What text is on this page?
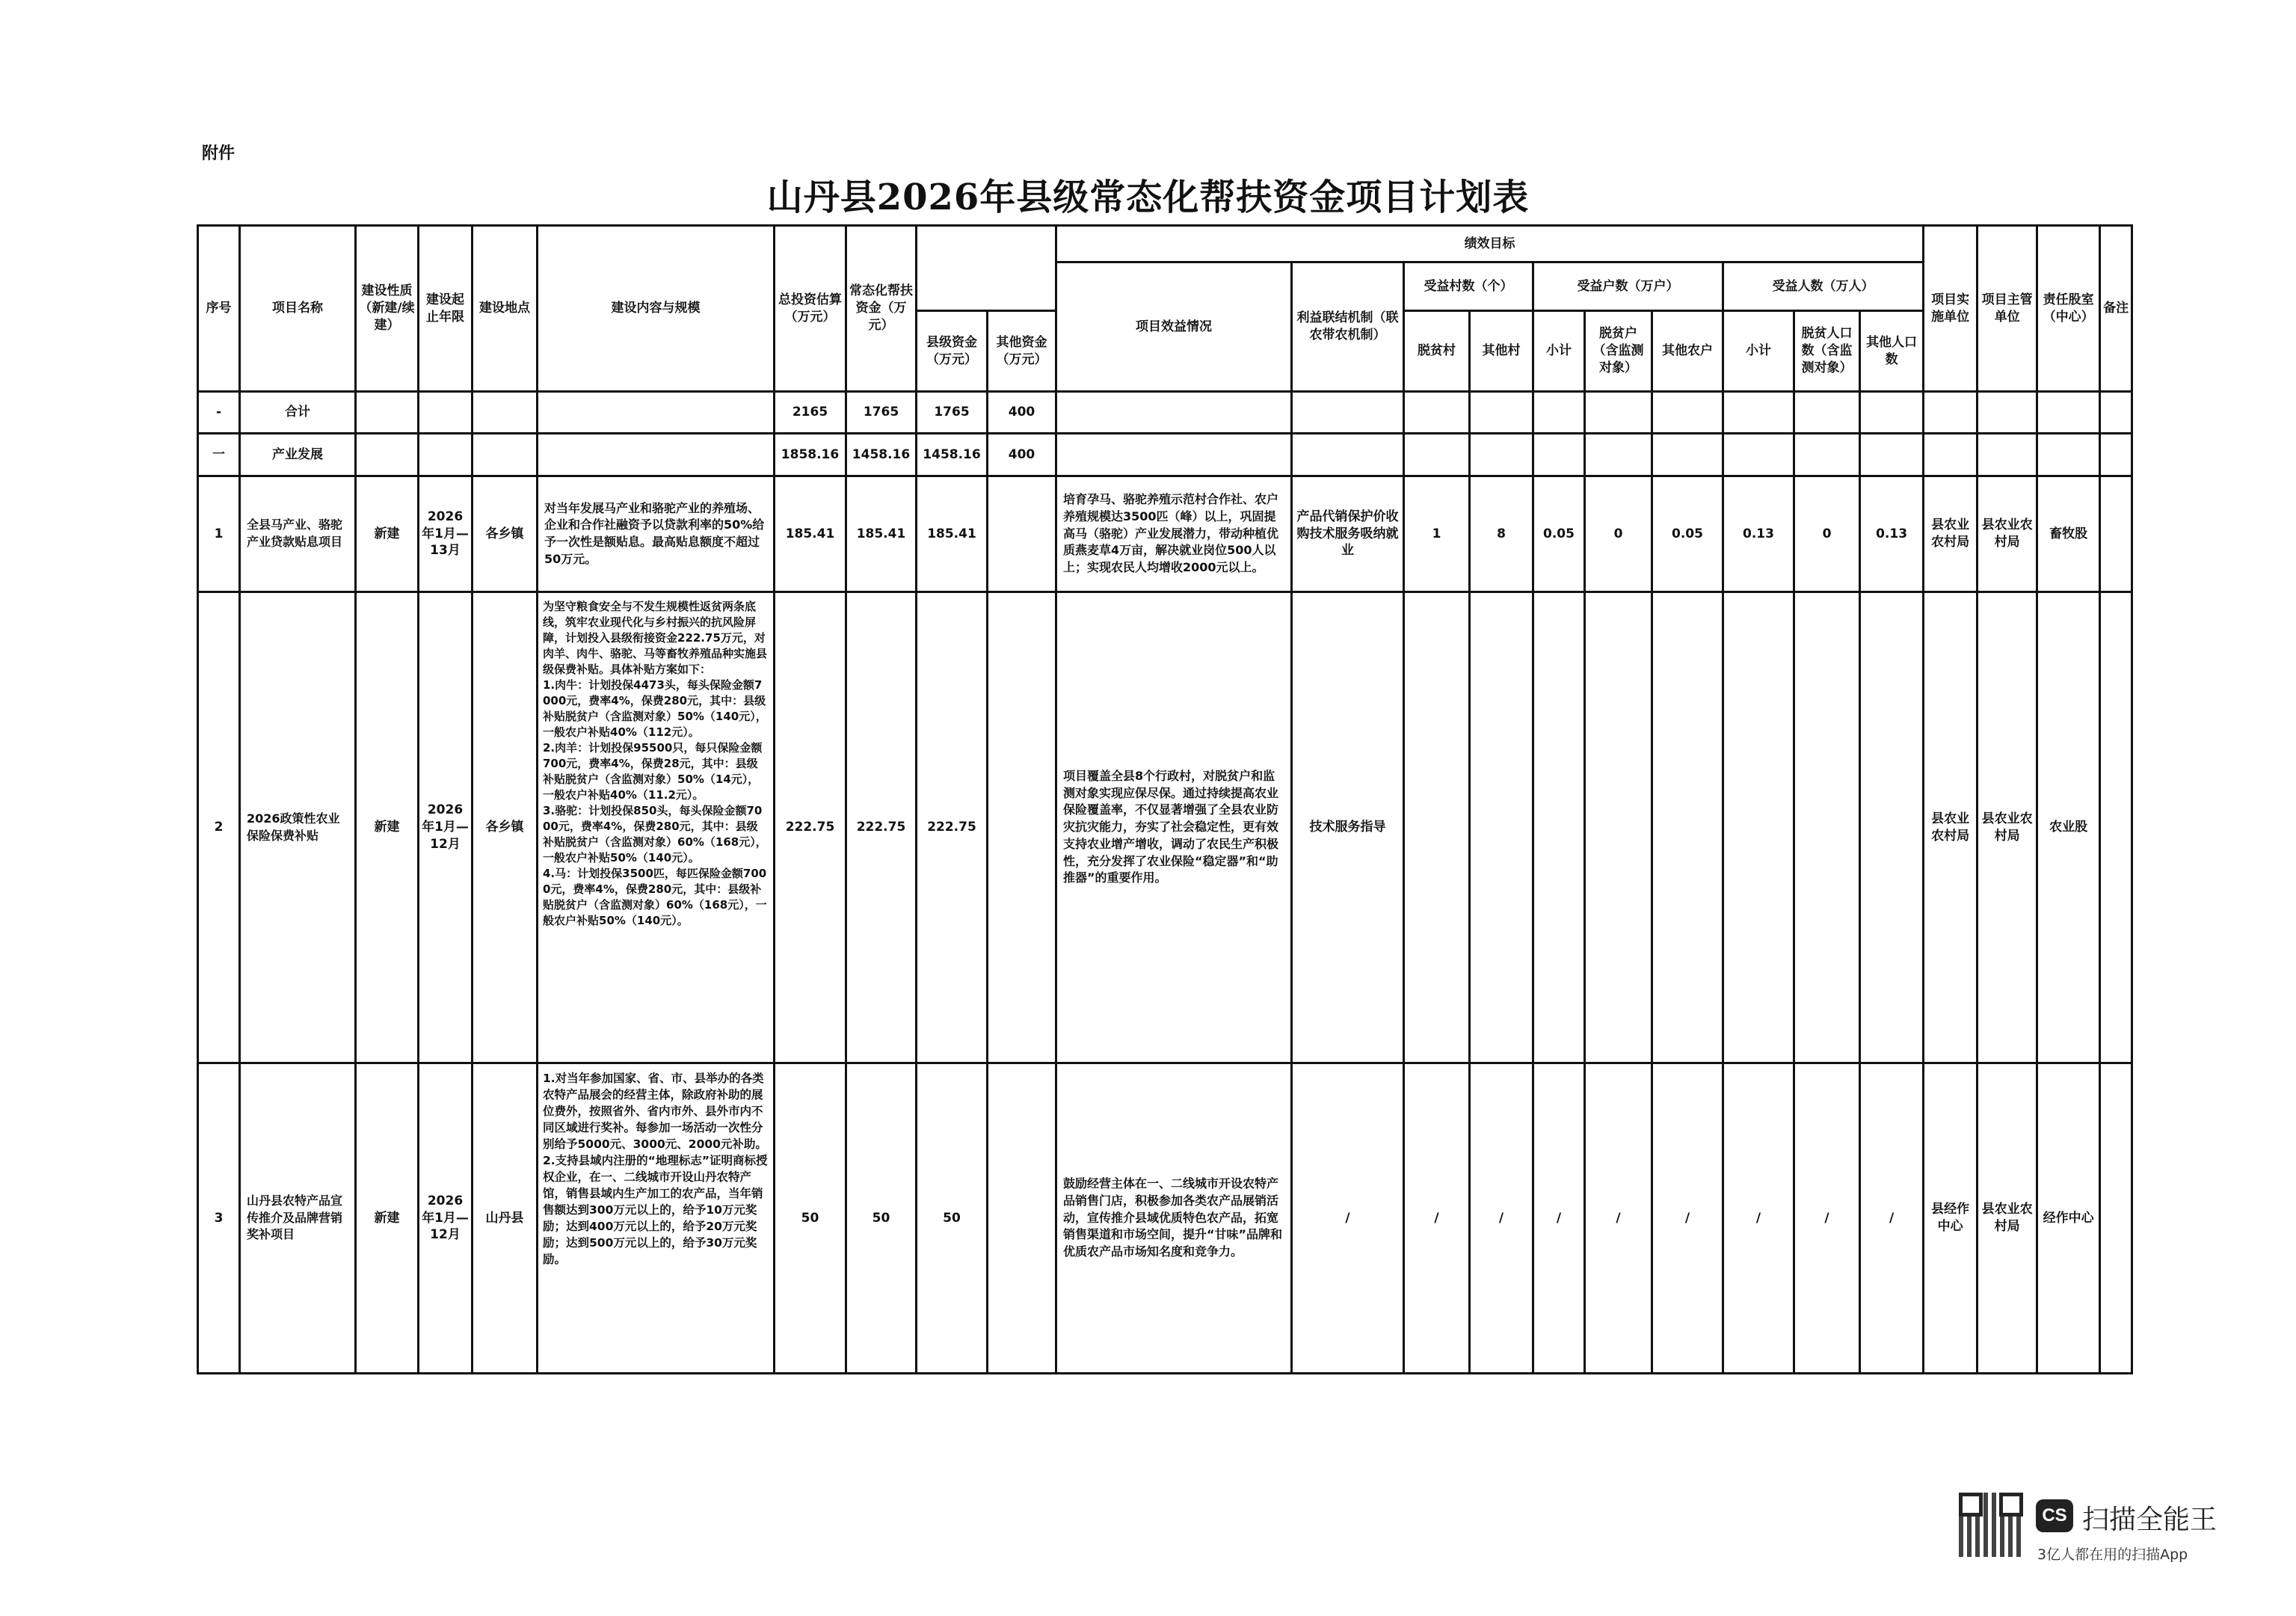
附件
山丹县2026年县级常态化帮扶资金项目计划表
序号	项目名称	建设性质（新建/续建）	建设起止年限	建设地点	建设内容与规模	总投资估算（万元）	常态化帮扶资金（万元）			绩效目标										项目实施单位	项目主管单位	责任股室（中心）	备注
										项目效益情况	利益联结机制（联农带农机制）	受益村数（个）		受益户数（万户）			受益人数（万人）						
								县级资金（万元）	其他资金（万元）			脱贫村	其他村	小计	脱贫户（含监测对象）	其他农户	小计	脱贫人口数（含监测对象）	其他人口数				
-	合计					2165	1765	1765	400														
一	产业发展					1858.16	1458.16	1458.16	400														
1	全县马产业、骆驼产业贷款贴息项目	新建	2026年1月—13月	各乡镇	对当年发展马产业和骆驼产业的养殖场、企业和合作社融资予以贷款利率的50%给予一次性是额贴息。最高贴息额度不超过50万元。	185.41	185.41	185.41		培育孕马、骆驼养殖示范村合作社、农户养殖规模达3500匹（峰）以上，巩固提高马（骆驼）产业发展潜力，带动种植优质燕麦草4万亩，解决就业岗位500人以上；实现农民人均增收2000元以上。	产品代销保护价收购技术服务吸纳就业	1	8	0.05	0	0.05	0.13	0	0.13	县农业农村局	县农业农村局	畜牧股	
2	2026政策性农业保险保费补贴	新建	2026年1月—12月	各乡镇	为坚守粮食安全与不发生规模性返贫两条底线，筑牢农业现代化与乡村振兴的抗风险屏障，计划投入县级衔接资金222.75万元，对肉羊、肉牛、骆驼、马等畜牧养殖品种实施县级保费补贴。具体补贴方案如下：
1.肉牛：计划投保4473头，每头保险金额7000元，费率4%，保费280元，其中：县级补贴脱贫户（含监测对象）50%（140元），一般农户补贴40%（112元）。
2.肉羊：计划投保95500只，每只保险金额700元，费率4%，保费28元，其中：县级补贴脱贫户（含监测对象）50%（14元），一般农户补贴40%（11.2元）。
3.骆驼：计划投保850头，每头保险金额7000元，费率4%，保费280元，其中：县级补贴脱贫户（含监测对象）60%（168元），一般农户补贴50%（140元）。
4.马：计划投保3500匹，每匹保险金额7000元，费率4%，保费280元，其中：县级补贴脱贫户（含监测对象）60%（168元），一般农户补贴50%（140元）。	222.75	222.75	222.75		项目覆盖全县8个行政村，对脱贫户和监测对象实现应保尽保。通过持续提高农业保险覆盖率，不仅显著增强了全县农业防灾抗灾能力，夯实了社会稳定性，更有效支持农业增产增收，调动了农民生产积极性，充分发挥了农业保险“稳定器”和“助推器”的重要作用。	技术服务指导									县农业农村局	县农业农村局	农业股	
3	山丹县农特产品宣传推介及品牌营销奖补项目	新建	2026年1月—12月	山丹县	1.对当年参加国家、省、市、县举办的各类农特产品展会的经营主体，除政府补助的展位费外，按照省外、省内市外、县外市内不同区域进行奖补。每参加一场活动一次性分别给予5000元、3000元、2000元补助。
2.支持县域内注册的“地理标志”证明商标授权企业，在一、二线城市开设山丹农特产馆，销售县域内生产加工的农产品，当年销售额达到300万元以上的，给予10万元奖励；达到400万元以上的，给予20万元奖励；达到500万元以上的，给予30万元奖励。	50	50	50		鼓励经营主体在一、二线城市开设农特产品销售门店，积极参加各类农产品展销活动，宣传推介县域优质特色农产品，拓宽销售渠道和市场空间，提升“甘味”品牌和优质农产品市场知名度和竞争力。	/	/	/	/	/	/	/	/	/	县经作中心	县农业农村局	经作中心	
CS 扫描全能王
3亿人都在用的扫描App
